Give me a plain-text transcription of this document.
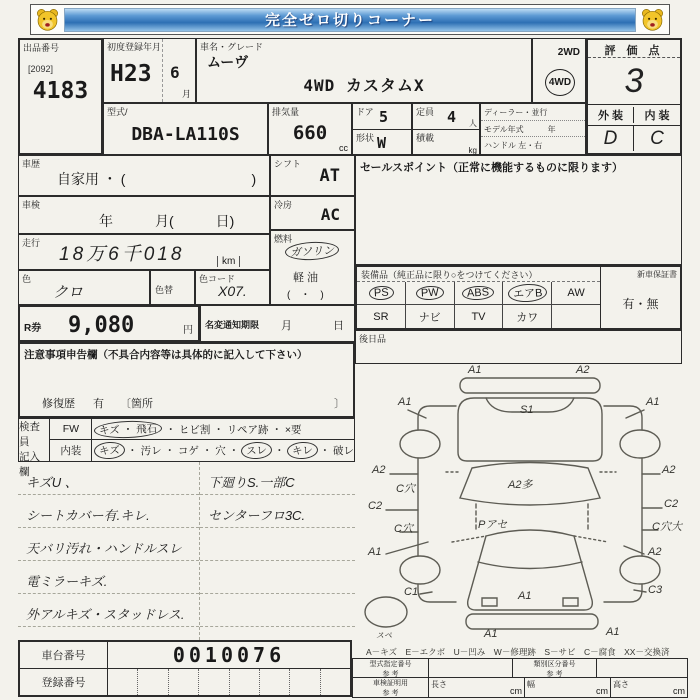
完全ゼロ切りコーナー
出品番号
[2092]
4183
初度登録年月
H23 6
月
車名・グレード
ムーヴ
4WD カスタムX
2WD
4WD
評 価 点
3
外 装	内 装
D	C
型式/
DBA-LA110S
排気量
660
cc
ドア 5
形状 W
定員 4 人
積載
kg
ディーラー・並行
モデル年式　　　年
ハンドル 左・右
車歴
自家用 ・ (　　　　　　　　　)
シフト
AT
車検
年　　　月(　　　日)
冷房 AC
走行
18万6千018	km
燃料
ガソリン
軽 油
(　・　)
色
クロ	色替
色コード
X07.
R券 9,080	円 名変通知期限 月	日
注意事項申告欄（不具合内容等は具体的に記入して下さい）
修復歴 有 〔箇所	〕
検査員
記入欄
FW	キズ ・ 飛石 ・ ヒビ割 ・ リペア跡 ・ ×要
内装	キズ ・ 汚レ ・ コゲ ・ 穴 ・ スレ ・ キレ ・ 破レ
キズU 、
シートカバー有.キレ.
天バリ汚れ・ハンドルスレ
電ミラーキズ.
外アルキズ・スタッドレス.
下廻りS.一部C
センターフロ3C.
車台番号	0010076
登録番号
セールスポイント（正常に機能するものに限ります）
装備品（純正品に限り○をつけてください）
PS	PW	ABS	エアB	AW
SR	ナビ	TV	カワ
新車保証書
有・無
後日品
A1	A2
A1
S1
A1
A2
A2多
A2
C穴
C2	C2
C穴	C穴大
Pアセ
A1	A2
C1	C3
A1
A1	A1
スペ
A－キズ　E－エクボ　U－凹み　W－修理跡　S－サビ　C－腐食　XX－交換済
型式指定番号
参 考
類別区分番号
参 考
車検証明用
参 考
長さ
cm
幅
cm
高さ
cm
